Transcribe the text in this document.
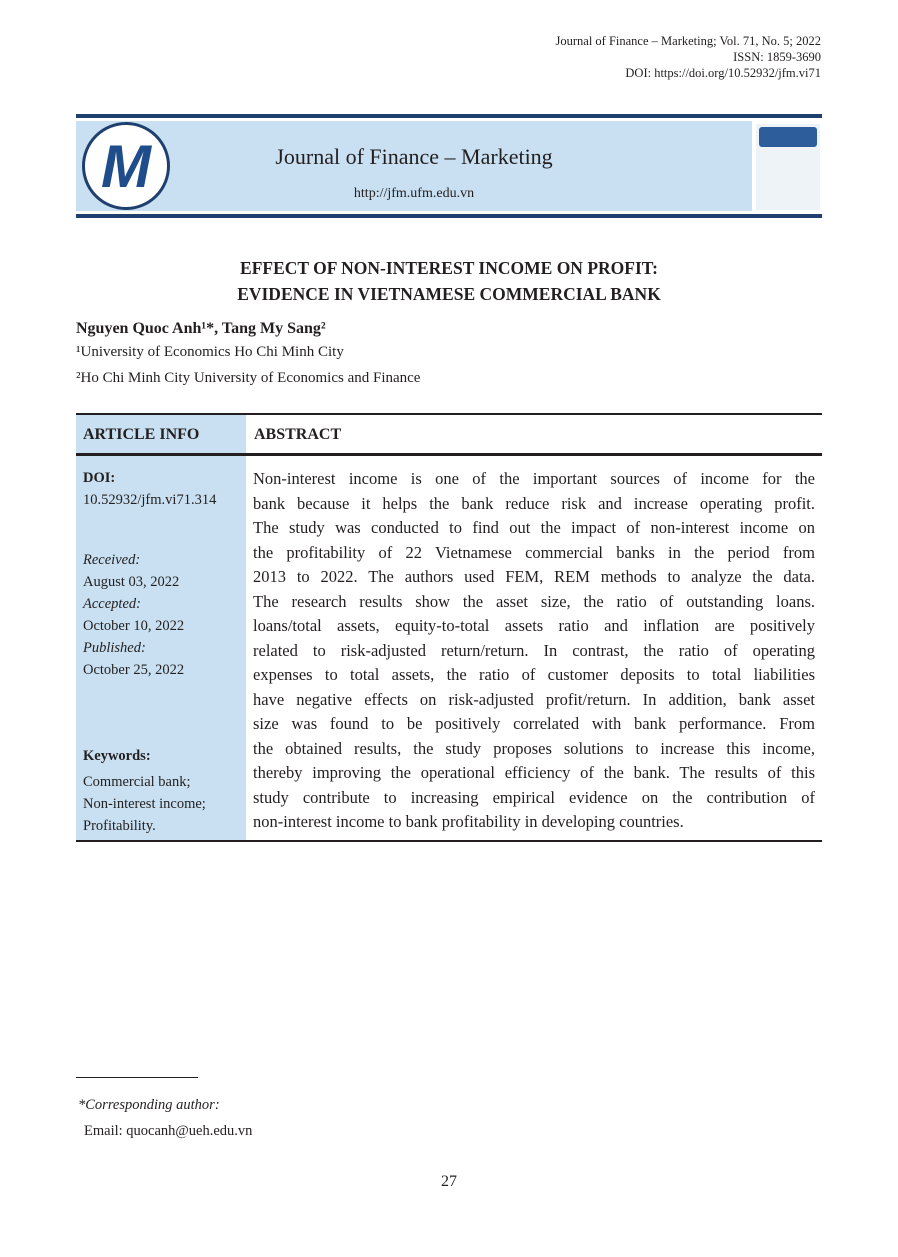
Journal of Finance – Marketing; Vol. 71, No. 5; 2022
ISSN: 1859-3690
DOI: https://doi.org/10.52932/jfm.vi71
M	Journal of Finance – Marketing
http://jfm.ufm.edu.vn
EFFECT OF NON-INTEREST INCOME ON PROFIT:
EVIDENCE IN VIETNAMESE COMMERCIAL BANK
Nguyen Quoc Anh¹*, Tang My Sang²
¹University of Economics Ho Chi Minh City
²Ho Chi Minh City University of Economics and Finance
ARTICLE INFO	ABSTRACT
DOI:
10.52932/jfm.vi71.314
Received:
August 03, 2022
Accepted:
October 10, 2022
Published:
October 25, 2022
Keywords:
Commercial bank;
Non-interest income;
Profitability.
Non-interest income is one of the important sources of income for the
bank because it helps the bank reduce risk and increase operating profit.
The study was conducted to find out the impact of non-interest income on
the profitability of 22 Vietnamese commercial banks in the period from
2013 to 2022. The authors used FEM, REM methods to analyze the data.
The research results show the asset size, the ratio of outstanding loans.
loans/total assets, equity-to-total assets ratio and inflation are positively
related to risk-adjusted return/return. In contrast, the ratio of operating
expenses to total assets, the ratio of customer deposits to total liabilities
have negative effects on risk-adjusted profit/return. In addition, bank asset
size was found to be positively correlated with bank performance. From
the obtained results, the study proposes solutions to increase this income,
thereby improving the operational efficiency of the bank. The results of this
study contribute to increasing empirical evidence on the contribution of
non-interest income to bank profitability in developing countries.
*Corresponding author:
Email: quocanh@ueh.edu.vn
27
